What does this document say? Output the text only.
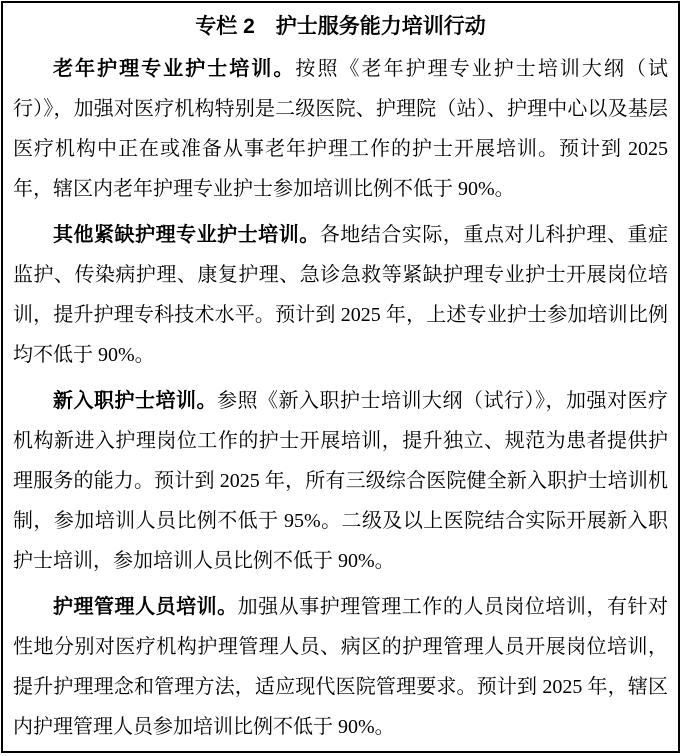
专栏 2　护士服务能力培训行动

老年护理专业护士培训。按照《老年护理专业护士培训大纲（试行）》，加强对医疗机构特别是二级医院、护理院（站）、护理中心以及基层医疗机构中正在或准备从事老年护理工作的护士开展培训。预计到 2025 年，辖区内老年护理专业护士参加培训比例不低于 90%。

其他紧缺护理专业护士培训。各地结合实际，重点对儿科护理、重症监护、传染病护理、康复护理、急诊急救等紧缺护理专业护士开展岗位培训，提升护理专科技术水平。预计到 2025 年，上述专业护士参加培训比例均不低于 90%。

新入职护士培训。参照《新入职护士培训大纲（试行）》，加强对医疗机构新进入护理岗位工作的护士开展培训，提升独立、规范为患者提供护理服务的能力。预计到 2025 年，所有三级综合医院健全新入职护士培训机制，参加培训人员比例不低于 95%。二级及以上医院结合实际开展新入职护士培训，参加培训人员比例不低于 90%。

护理管理人员培训。加强从事护理管理工作的人员岗位培训，有针对性地分别对医疗机构护理管理人员、病区的护理管理人员开展岗位培训，提升护理理念和管理方法，适应现代医院管理要求。预计到 2025 年，辖区内护理管理人员参加培训比例不低于 90%。
